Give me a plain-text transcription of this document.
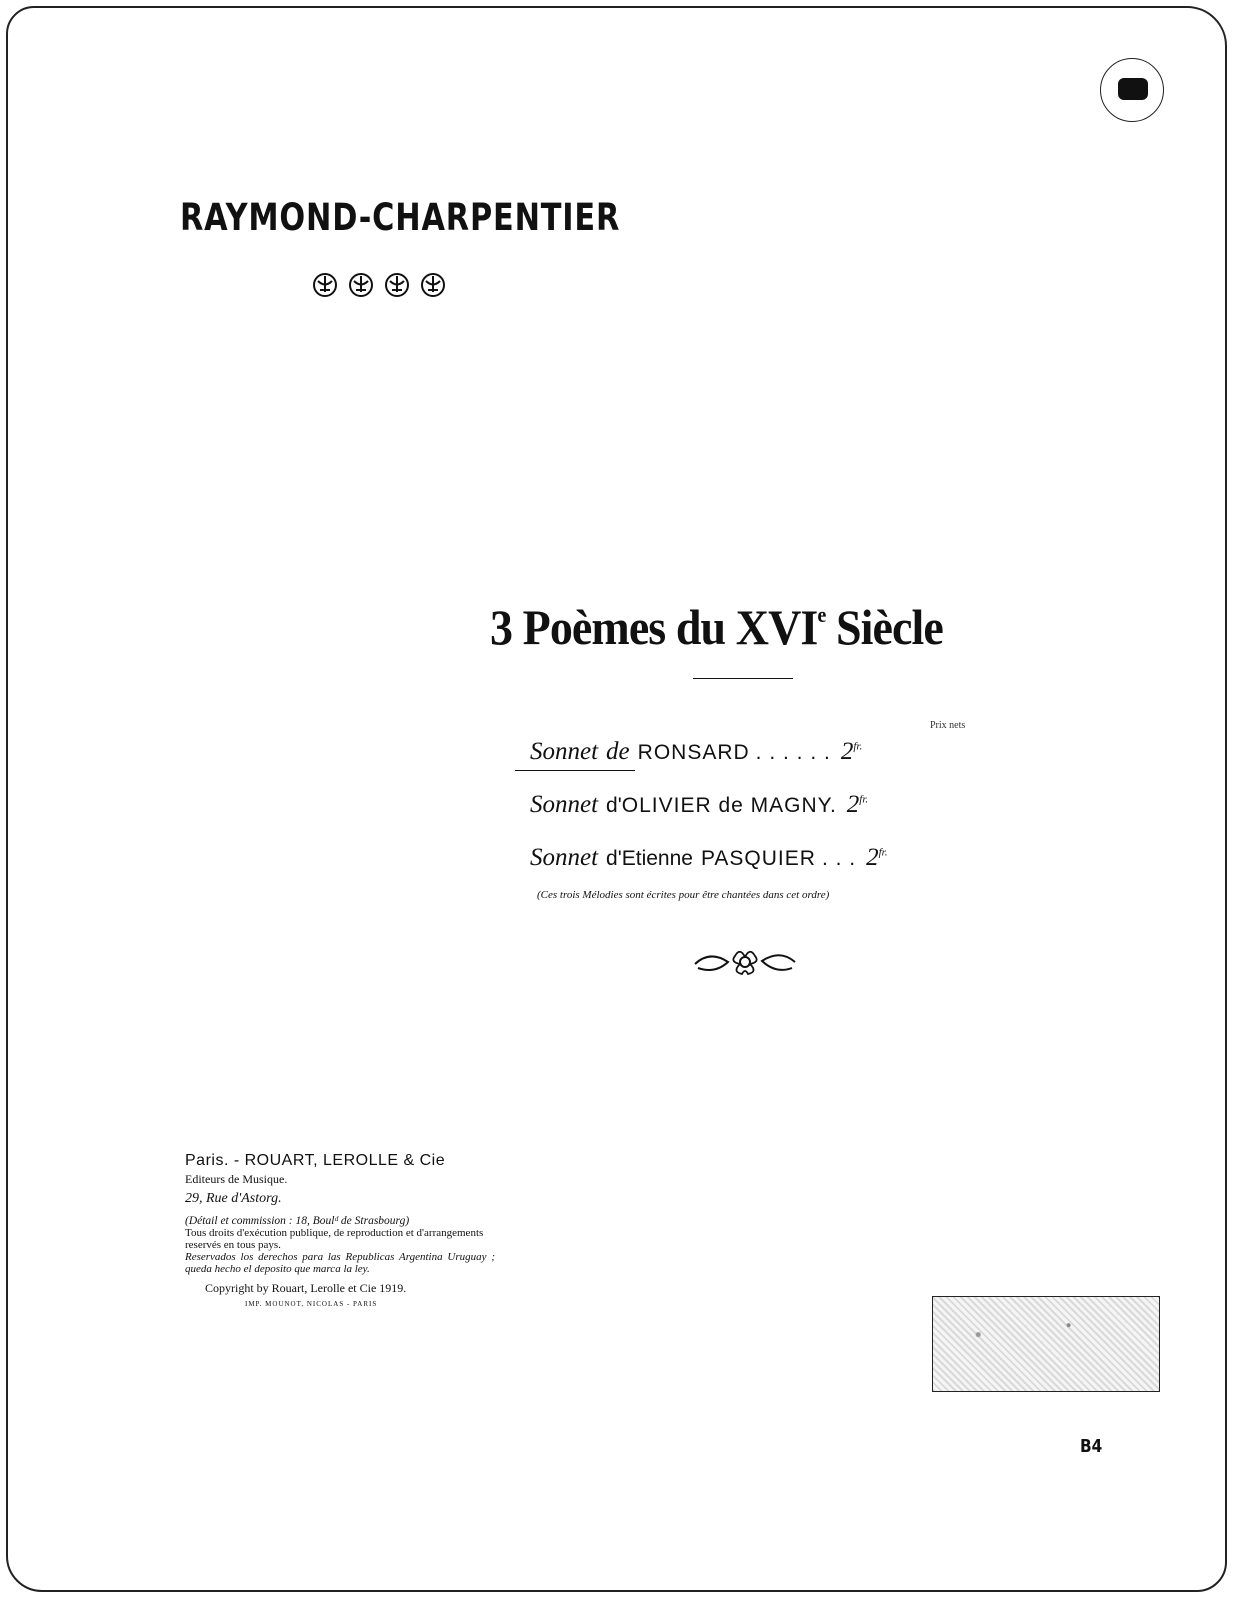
RAYMOND-CHARPENTIER
3 Poèmes du XVIe Siècle
Prix nets
Sonnet de RONSARD . . . . . . $2^{fr.}$
Sonnet d' OLIVIER de MAGNY. $2^{fr.}$
Sonnet d'Etienne PASQUIER . . . $2^{fr.}$
(Ces trois Mélodies sont écrites pour être chantées dans cet ordre)
Paris. - ROUART, LEROLLE & Cie
Editeurs de Musique.
29, Rue d'Astorg.
(Détail et commission : 18, Boulᵈ de Strasbourg)
Tous droits d'exécution publique, de reproduction et d'arrangements reservés en tous pays.
Reservados los derechos para las Republicas Argentina Uruguay ; queda hecho el deposito que marca la ley.
Copyright by Rouart, Lerolle et Cie 1919.
IMP. MOUNOT, NICOLAS - PARIS
B4
